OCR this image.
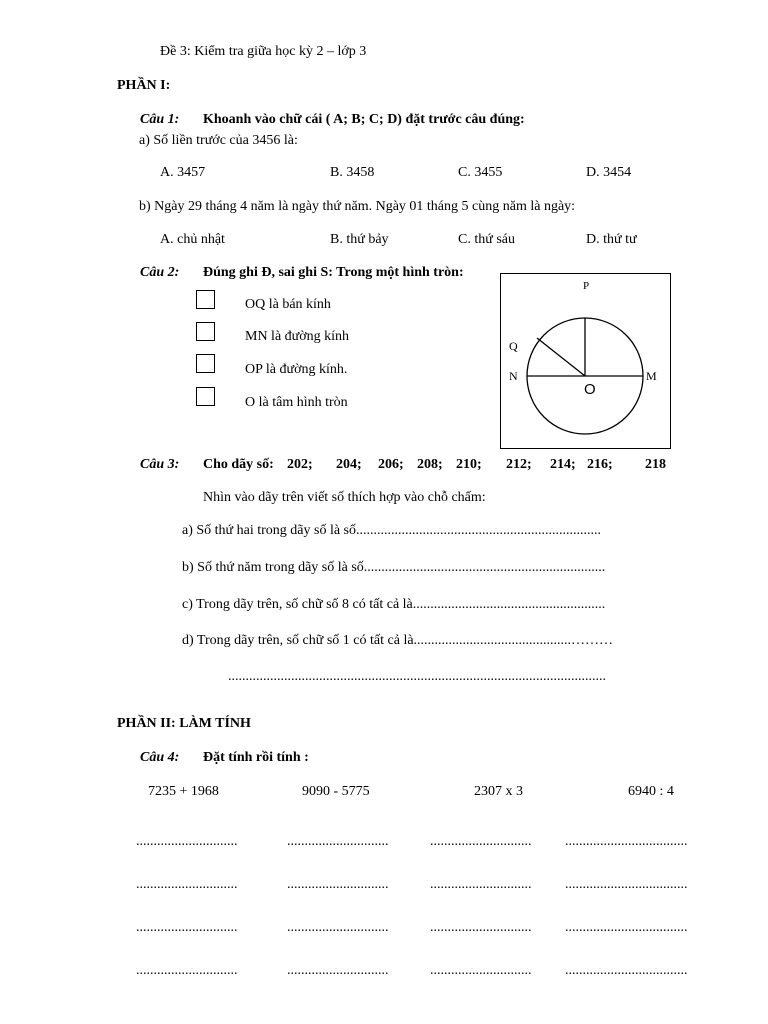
Đề 3: Kiểm tra giữa học kỳ 2 – lớp 3
PHẦN I:
Câu 1: Khoanh vào chữ cái ( A; B; C; D) đặt trước câu đúng:
a) Số liền trước của 3456 là:
A. 3457	B. 3458	C. 3455	D. 3454
b) Ngày 29 tháng 4 năm là ngày thứ năm. Ngày 01 tháng 5 cùng năm là ngày:
A. chủ nhật	B. thứ bảy	C. thứ sáu	D. thứ tư
Câu 2: Đúng ghi Đ, sai ghi S: Trong một hình tròn:
OQ là bán kính
MN là đường kính
OP là đường kính.
O là tâm hình tròn
P
Q
N	M
O
Câu 3: Cho dãy số: 202; 204; 206; 208; 210; 212; 214; 216; 218
Nhìn vào dãy trên viết số thích hợp vào chỗ chấm:
a) Số thứ hai trong dãy số là số......................................................................
b) Số thứ năm trong dãy số là số.....................................................................
c) Trong dãy trên, số chữ số 8 có tất cả là.......................................................
d) Trong dãy trên, số chữ số 1 có tất cả là.............................................………
............................................................................................................
PHẦN II: LÀM TÍNH
Câu 4: Đặt tính rồi tính :
7235 + 1968	9090 - 5775	2307 x 3	6940 : 4
.............................	.............................	............................. ...................................
.............................	.............................	............................. ...................................
.............................	.............................	............................. ...................................
.............................	.............................	............................. ...................................
